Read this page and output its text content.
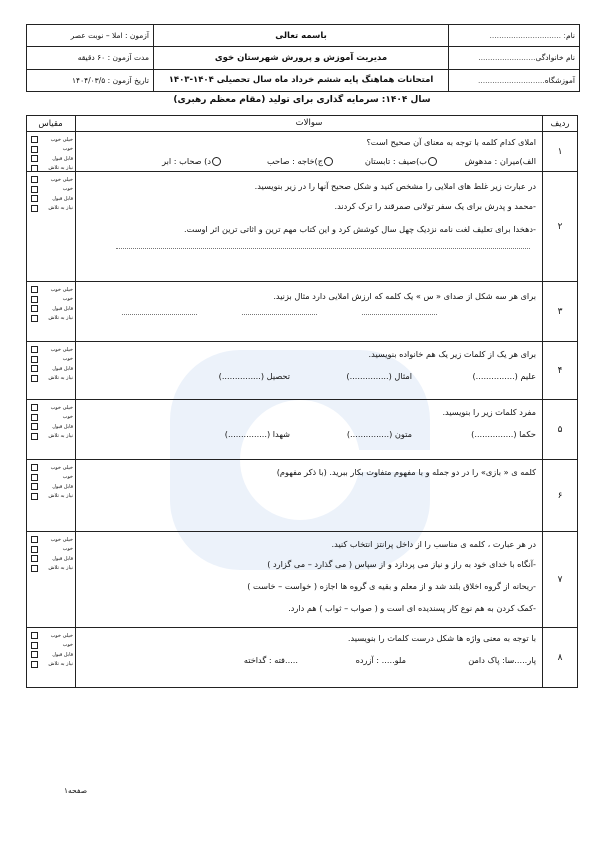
نام
: ..............................
نام خانوادگی
........................
آموزشگاه
............................
باسمه تعالی
مدیریت آموزش و پرورش شهرستان خوی
امتحانات هماهنگ پایه ششم خرداد ماه سال تحصیلی ۱۴۰۴-۱۴۰۳
آزمون : املا – نوبت عصر
مدت آزمون : ۶۰ دقیقه
تاریخ آزمون : ۱۴۰۴/۰۳/۵
سال ۱۴۰۴: سرمایه گذاری برای تولید (مقام معظم رهبری)
ردیف
سوالات
مقیاس
۱
املای کدام کلمه با توجه به معنای آن صحیح است؟
الف)میران : مدهوش
ب)صیف : تابستان
ج)خاجه : صاحب
د) صحاب : ابر
خیلی خوب
خوب
قابل قبول
نیاز به تلاش
۲
در عبارت زیر غلط های املایی را مشخص کنید و شکل صحیح آنها را در زیر بنویسید.
-محمد و پدرش برای یک سفر تولانی صمرقند را ترک کردند.
-دهخدا برای تعلیف لغت نامه نزدیک چهل سال کوشش کرد و این کتاب مهم ترین و اثاتی ترین اثر اوست.
خیلی خوب
خوب
قابل قبول
نیاز به تلاش
۳
برای هر سه شکل از صدای « س » یک کلمه که ارزش املایی دارد مثال بزنید.
خیلی خوب
خوب
قابل قبول
نیاز به تلاش
۴
برای هر یک از کلمات زیر یک هم خانواده بنویسید.
علیم (...............)
امثال (...............)
تحصیل (...............)
خیلی خوب
خوب
قابل قبول
نیاز به تلاش
۵
مفرد کلمات زیر را بنویسید.
حکما (...............)
متون (...............)
شهدا (...............)
خیلی خوب
خوب
قابل قبول
نیاز به تلاش
۶
کلمه ی « بازی» را در دو جمله و با مفهوم متفاوت بکار ببرید. (با ذکر مفهوم)
خیلی خوب
خوب
قابل قبول
نیاز به تلاش
۷
در هر عبارت ، کلمه ی مناسب را از داخل پرانتز انتخاب کنید.
-آنگاه با خدای خود به راز و نیاز می پردازد و از سپاس ( می گذارد – می گزارد )
-ریحانه از گروه اخلاق بلند شد و از معلم و بقیه ی گروه ها اجازه ( خواست – خاست )
-کمک کردن به هم نوع کار پسندیده ای است و ( صواب – ثواب ) هم دارد.
خیلی خوب
خوب
قابل قبول
نیاز به تلاش
۸
با توجه به معنی واژه ها شکل درست کلمات را بنویسید.
پار.....سا: پاک دامن
ملو..... : آزرده
.....فته : گداخته
خیلی خوب
خوب
قابل قبول
نیاز به تلاش
صفحه۱
